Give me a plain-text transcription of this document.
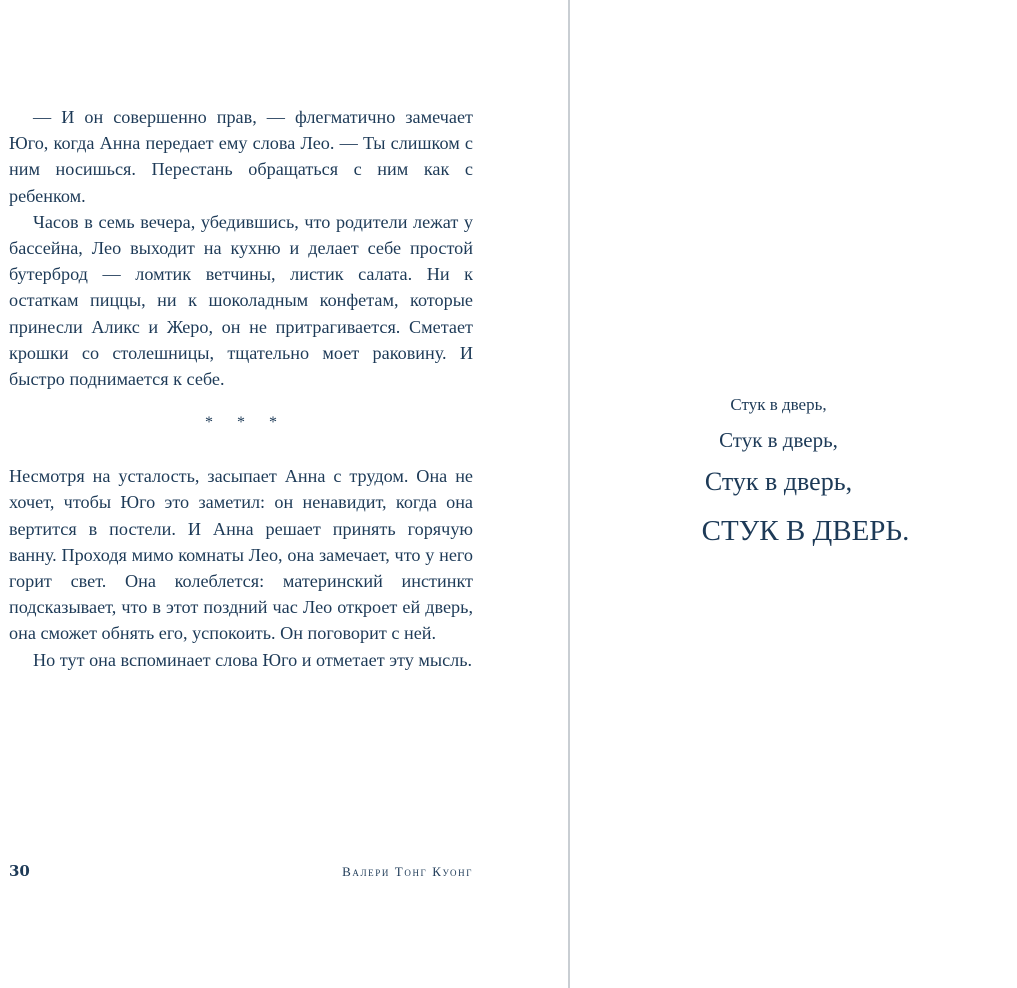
— И он совершенно прав, — флегматично замечает Юго, когда Анна передает ему слова Лео. — Ты слишком с ним носишься. Перестань обращаться с ним как с ребенком.

Часов в семь вечера, убедившись, что родители лежат у бассейна, Лео выходит на кухню и делает себе простой бутерброд — ломтик ветчины, листик салата. Ни к остаткам пиццы, ни к шоколадным конфетам, которые принесли Аликс и Жеро, он не притрагивается. Сметает крошки со столешницы, тщательно моет раковину. И быстро поднимается к себе.

* * *

Несмотря на усталость, засыпает Анна с трудом. Она не хочет, чтобы Юго это заметил: он ненавидит, когда она вертится в постели. И Анна решает принять горячую ванну. Проходя мимо комнаты Лео, она замечает, что у него горит свет. Она колеблется: материнский инстинкт подсказывает, что в этот поздний час Лео откроет ей дверь, она сможет обнять его, успокоить. Он поговорит с ней.

Но тут она вспоминает слова Юго и отметает эту мысль.

30	Валери Тонг Куонг
Стук в дверь,
Стук в дверь,
Стук в дверь,
СТУК В ДВЕРЬ.
